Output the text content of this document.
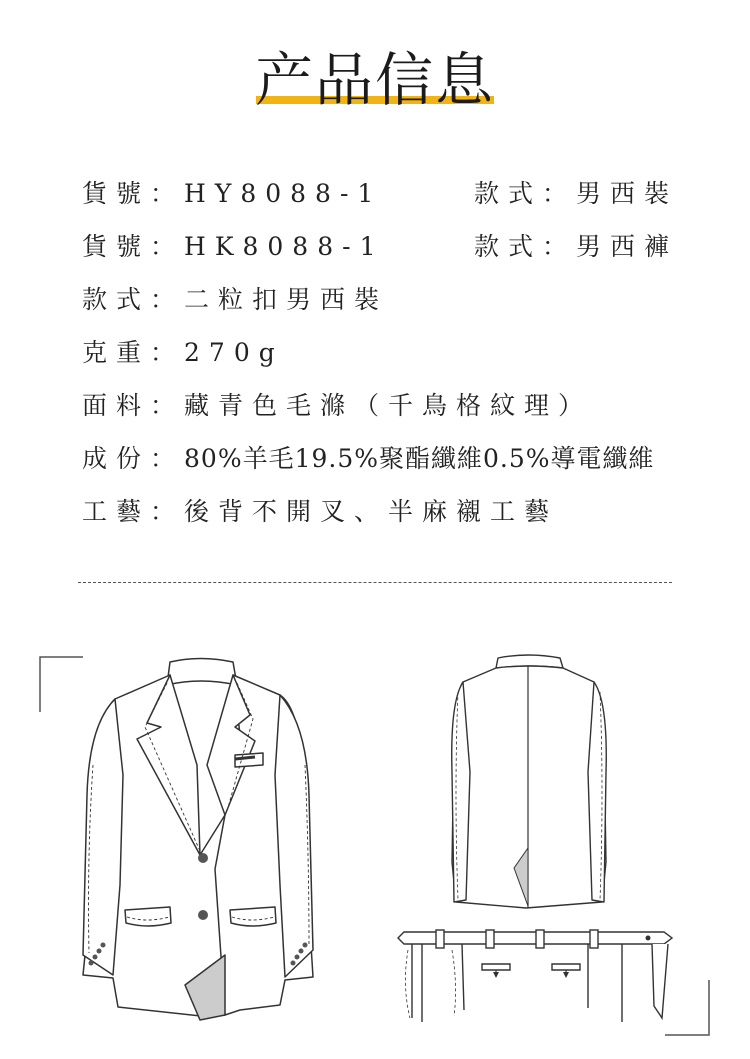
产品信息
貨號：HY8088-1	款式：男西裝
貨號：HK8088-1	款式：男西褲
款式：二粒扣男西裝
克重：270g
面料：藏青色毛滌（千鳥格紋理）
成份：80%羊毛19.5%聚酯纖維0.5%導電纖維
工藝：後背不開叉、半麻襯工藝
